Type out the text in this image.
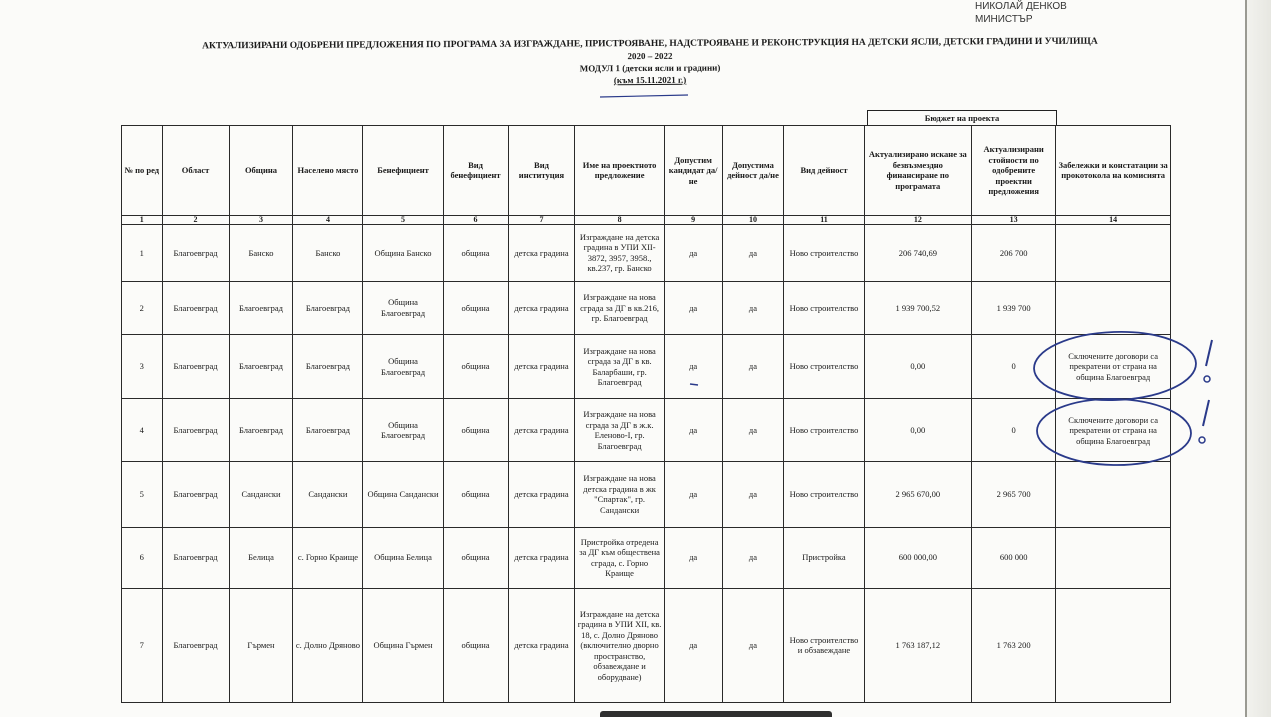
НИКОЛАЙ ДЕНКОВ
МИНИСТЪР
АКТУАЛИЗИРАНИ ОДОБРЕНИ ПРЕДЛОЖЕНИЯ ПО ПРОГРАМА ЗА ИЗГРАЖДАНЕ, ПРИСТРОЯВАНЕ, НАДСТРОЯВАНЕ И РЕКОНСТРУКЦИЯ НА ДЕТСКИ ЯСЛИ, ДЕТСКИ ГРАДИНИ И УЧИЛИЩА
2020 – 2022
МОДУЛ 1 (детски ясли и градини)
(към 15.11.2021 г.)
Бюджет на проекта
№ по ред	Област	Община	Населено място	Бенефициент	Вид бенефициент	Вид институция	Име на проектното предложение	Допустим кандидат да/не	Допустима дейност да/не	Вид дейност	Актуализирано искане за безвъзмездно финансиране по програмата	Актуализирани стойности по одобрените проектни предложения	Забележки и констатации за прокотокола на комисията
1	2	3	4	5	6	7	8	9	10	11	12	13	14
1	Благоевград	Банско	Банско	Община Банско	община	детска градина	Изграждане на детска градина в УПИ XII-3872, 3957, 3958., кв.237, гр. Банско	да	да	Ново строителство	206 740,69	206 700	
2	Благоевград	Благоевград	Благоевград	Община Благоевград	община	детска градина	Изграждане на нова сграда за ДГ в кв.216, гр. Благоевград	да	да	Ново строителство	1 939 700,52	1 939 700	
3	Благоевград	Благоевград	Благоевград	Община Благоевград	община	детска градина	Изграждане на нова сграда за ДГ в кв. Баларбаши, гр. Благоевград	да	да	Ново строителство	0,00	0	Сключените договори са прекратени от страна на община Благоевград
4	Благоевград	Благоевград	Благоевград	Община Благоевград	община	детска градина	Изграждане на нова сграда за ДГ в ж.к. Еленово-I, гр. Благоевград	да	да	Ново строителство	0,00	0	Сключените договори са прекратени от страна на община Благоевград
5	Благоевград	Сандански	Сандански	Община Сандански	община	детска градина	Изграждане на нова детска градина в жк "Спартак", гр. Сандански	да	да	Ново строителство	2 965 670,00	2 965 700	
6	Благоевград	Белица	с. Горно Краище	Община Белица	община	детска градина	Пристройка отредена за ДГ към обществена сграда, с. Горно Краище	да	да	Пристройка	600 000,00	600 000	
7	Благоевград	Гърмен	с. Долно Дряново	Община Гърмен	община	детска градина	Изграждане на детска градина в УПИ XII, кв. 18, с. Долно Дряново (включително дворно пространство, обзавеждане и оборудване)	да	да	Ново строителство и обзавеждане	1 763 187,12	1 763 200	
